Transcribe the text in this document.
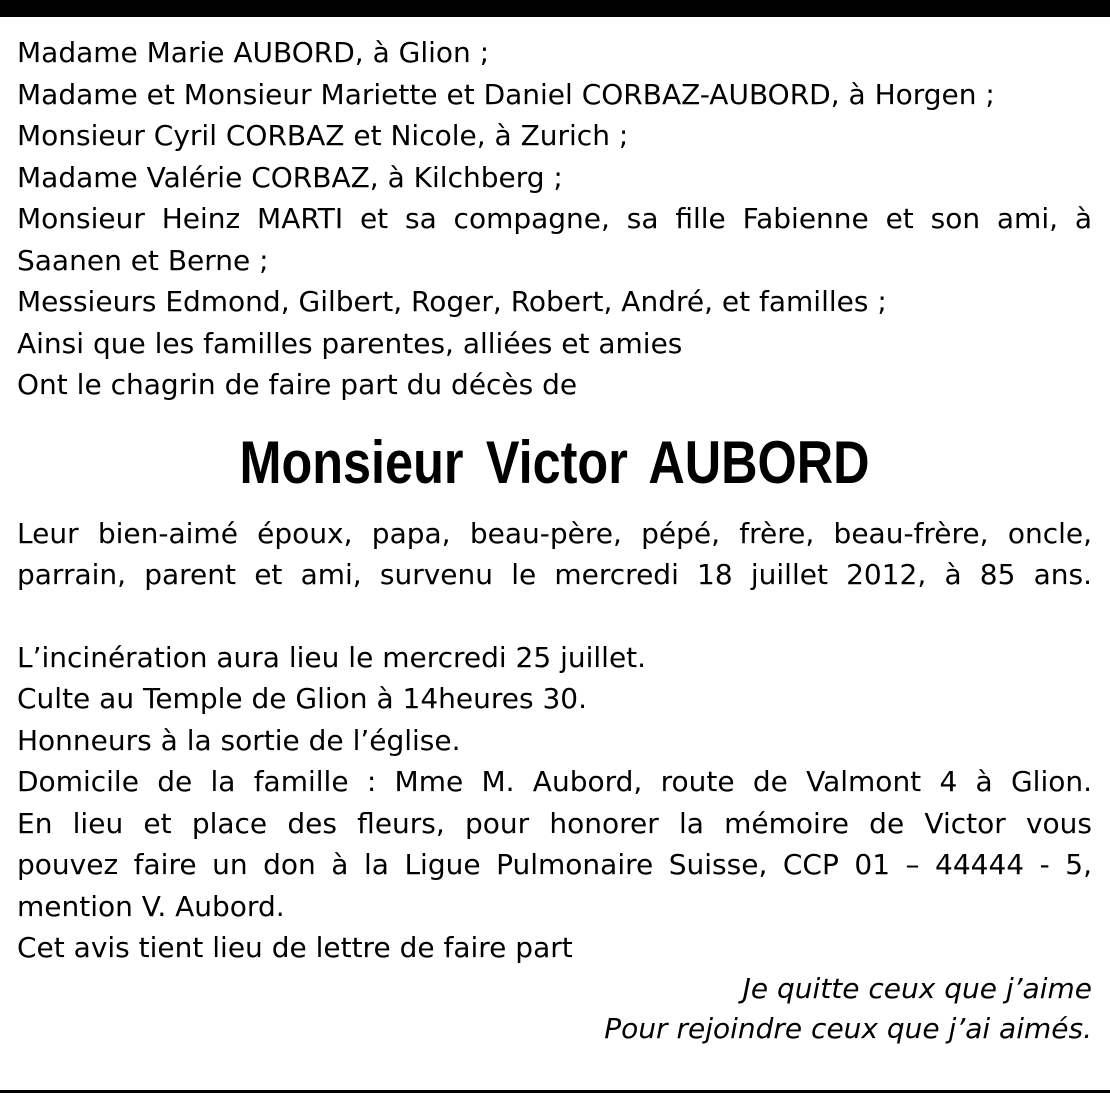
Madame Marie AUBORD, à Glion ;
Madame et Monsieur Mariette et Daniel CORBAZ-AUBORD, à Horgen ;
Monsieur Cyril CORBAZ et Nicole, à Zurich ;
Madame Valérie CORBAZ, à Kilchberg ;
Monsieur Heinz MARTI et sa compagne, sa fille Fabienne et son ami, à
Saanen et Berne ;
Messieurs Edmond, Gilbert, Roger, Robert, André, et familles ;
Ainsi que les familles parentes, alliées et amies
Ont le chagrin de faire part du décès de
Monsieur Victor AUBORD
Leur bien-aimé époux, papa, beau-père, pépé, frère, beau-frère, oncle,
parrain, parent et ami, survenu le mercredi 18 juillet 2012, à 85 ans.
L’incinération aura lieu le mercredi 25 juillet.
Culte au Temple de Glion à 14heures 30.
Honneurs à la sortie de l’église.
Domicile de la famille : Mme M. Aubord, route de Valmont 4 à Glion.
En lieu et place des fleurs, pour honorer la mémoire de Victor vous
pouvez faire un don à la Ligue Pulmonaire Suisse, CCP 01 – 44444 - 5,
mention V. Aubord.
Cet avis tient lieu de lettre de faire part
Je quitte ceux que j’aime
Pour rejoindre ceux que j’ai aimés.
